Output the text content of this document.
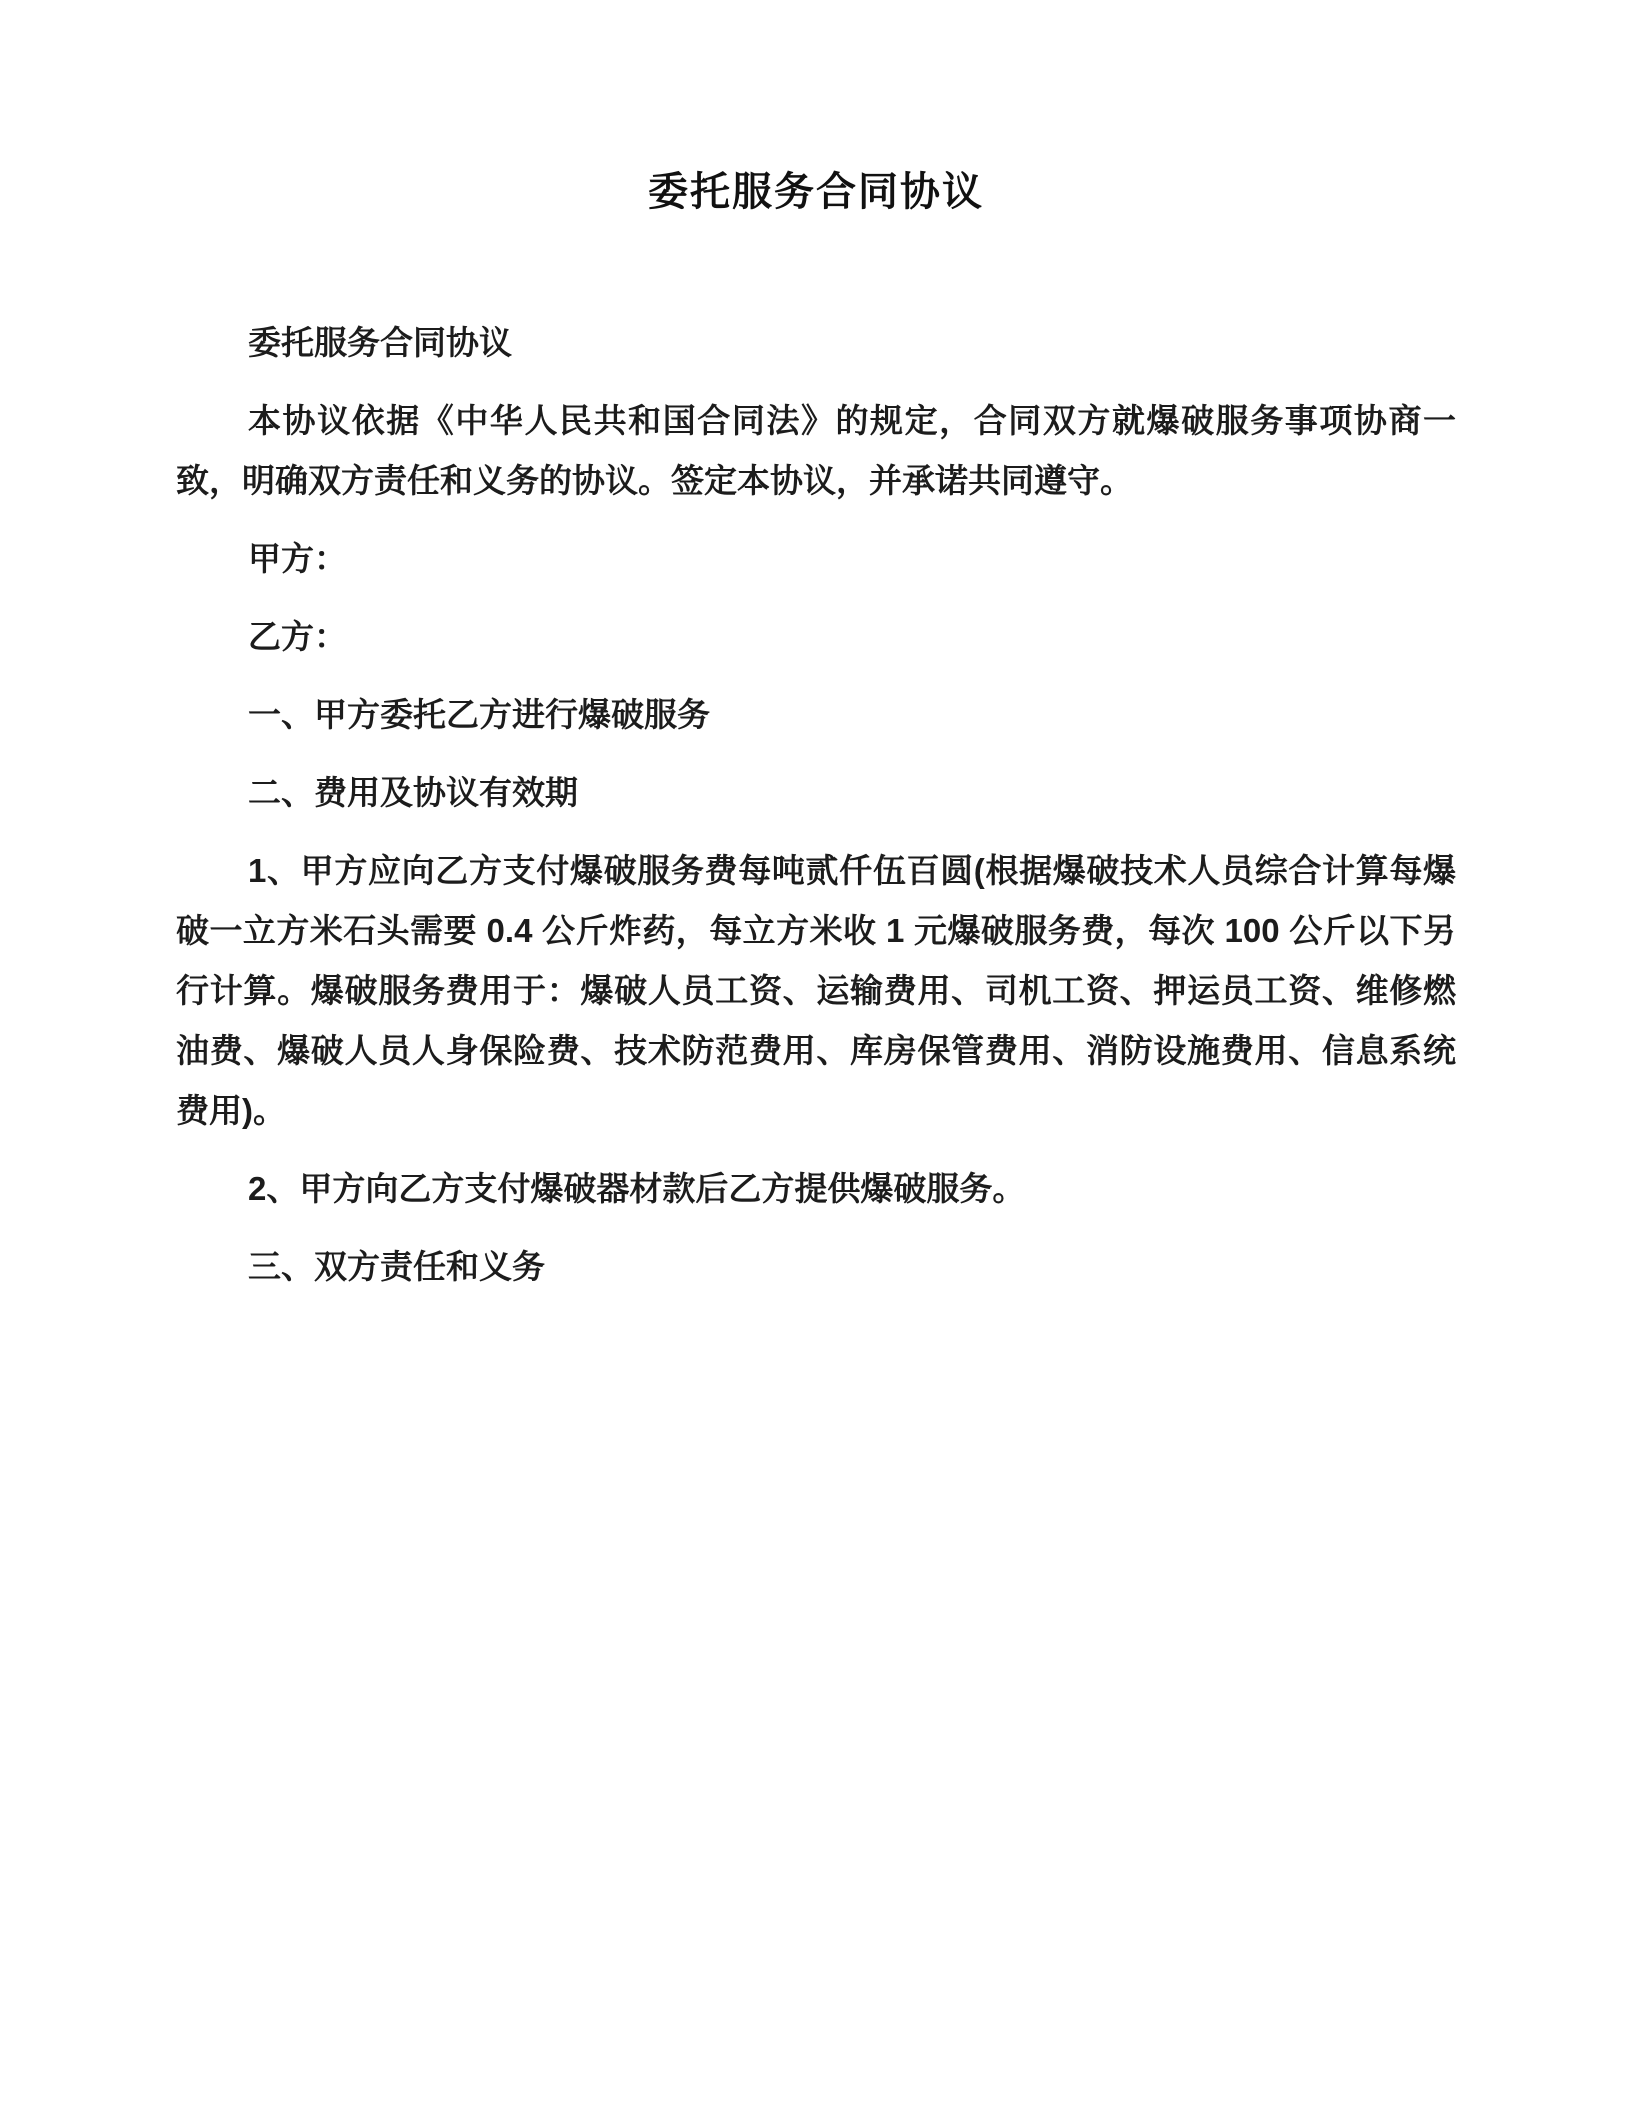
委托服务合同协议

委托服务合同协议

本协议依据《中华人民共和国合同法》的规定，合同双方就爆破服务事项协商一致，明确双方责任和义务的协议。签定本协议，并承诺共同遵守。

甲方：

乙方：

一、甲方委托乙方进行爆破服务

二、费用及协议有效期

1、甲方应向乙方支付爆破服务费每吨贰仟伍百圆(根据爆破技术人员综合计算每爆破一立方米石头需要 0.4 公斤炸药，每立方米收 1 元爆破服务费，每次 100 公斤以下另行计算。爆破服务费用于：爆破人员工资、运输费用、司机工资、押运员工资、维修燃油费、爆破人员人身保险费、技术防范费用、库房保管费用、消防设施费用、信息系统费用)。

2、甲方向乙方支付爆破器材款后乙方提供爆破服务。

三、双方责任和义务
